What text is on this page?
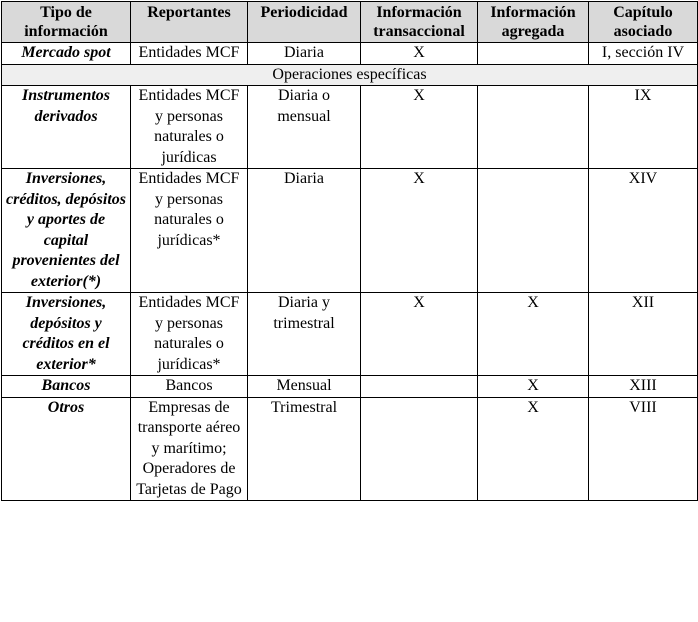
Tipo de información	Reportantes	Periodicidad	Información transaccional	Información agregada	Capítulo asociado
Mercado spot	Entidades MCF	Diaria	X		I, sección IV
Operaciones específicas					
Instrumentos derivados	Entidades MCF y personas naturales o jurídicas	Diaria o mensual	X		IX
Inversiones, créditos, depósitos y aportes de capital provenientes del exterior(*)	Entidades MCF y personas naturales o jurídicas*	Diaria	X		XIV
Inversiones, depósitos y créditos en el exterior*	Entidades MCF y personas naturales o jurídicas*	Diaria y trimestral	X	X	XII
Bancos	Bancos	Mensual		X	XIII
Otros	Empresas de transporte aéreo y marítimo; Operadores de Tarjetas de Pago	Trimestral		X	VIII
